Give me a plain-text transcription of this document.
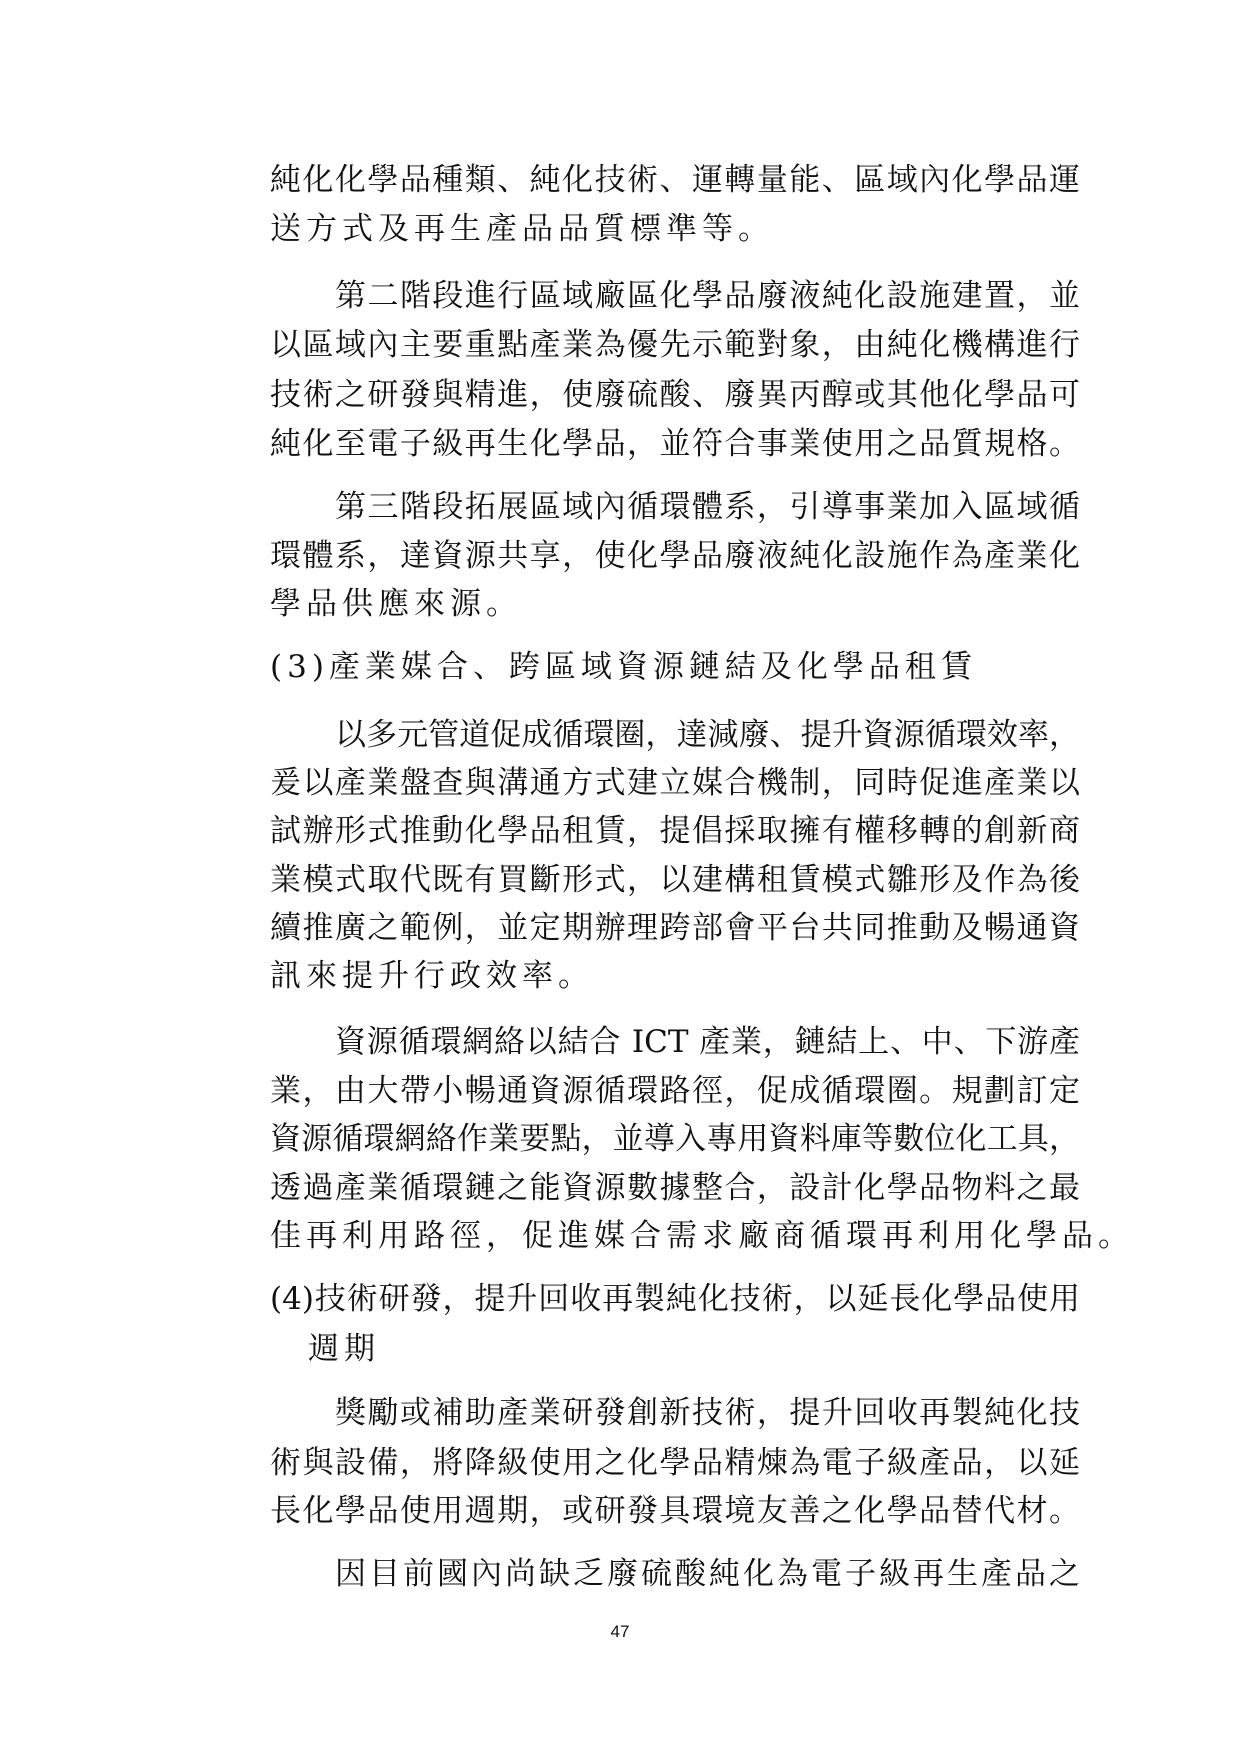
純化化學品種類、純化技術、運轉量能、區域內化學品運
送方式及再生產品品質標準等。
第二階段進行區域廠區化學品廢液純化設施建置，並
以區域內主要重點產業為優先示範對象，由純化機構進行
技術之研發與精進，使廢硫酸、廢異丙醇或其他化學品可
純化至電子級再生化學品，並符合事業使用之品質規格。
第三階段拓展區域內循環體系，引導事業加入區域循
環體系，達資源共享，使化學品廢液純化設施作為產業化
學品供應來源。
(3)產業媒合、跨區域資源鏈結及化學品租賃
以多元管道促成循環圈，達減廢、提升資源循環效率，
爰以產業盤查與溝通方式建立媒合機制，同時促進產業以
試辦形式推動化學品租賃，提倡採取擁有權移轉的創新商
業模式取代既有買斷形式，以建構租賃模式雛形及作為後
續推廣之範例，並定期辦理跨部會平台共同推動及暢通資
訊來提升行政效率。
資源循環網絡以結合 ICT 產業，鏈結上、中、下游產
業，由大帶小暢通資源循環路徑，促成循環圈。規劃訂定
資源循環網絡作業要點，並導入專用資料庫等數位化工具，
透過產業循環鏈之能資源數據整合，設計化學品物料之最
佳再利用路徑，促進媒合需求廠商循環再利用化學品。
(4)技術研發，提升回收再製純化技術，以延長化學品使用
週期
獎勵或補助產業研發創新技術，提升回收再製純化技
術與設備，將降級使用之化學品精煉為電子級產品，以延
長化學品使用週期，或研發具環境友善之化學品替代材。
因目前國內尚缺乏廢硫酸純化為電子級再生產品之
47
